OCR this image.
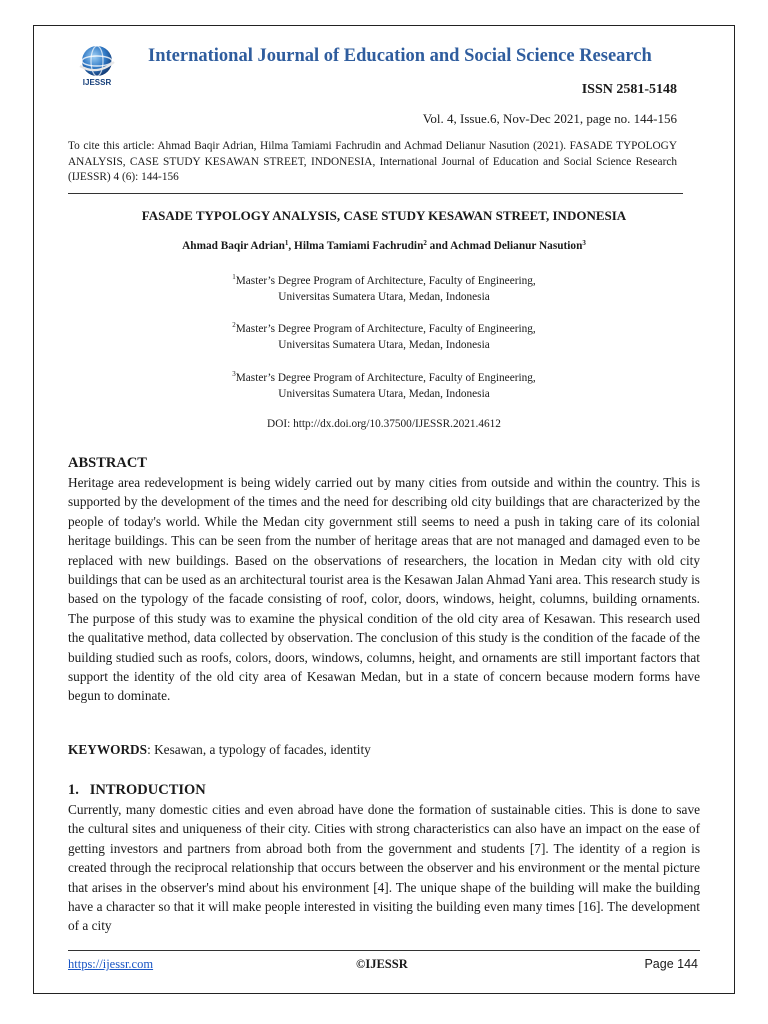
IJESSR
International Journal of Education and Social Science Research
ISSN 2581-5148
Vol. 4, Issue.6, Nov-Dec 2021, page no. 144-156
To cite this article: Ahmad Baqir Adrian, Hilma Tamiami Fachrudin and Achmad Delianur Nasution (2021). FASADE TYPOLOGY ANALYSIS, CASE STUDY KESAWAN STREET, INDONESIA, International Journal of Education and Social Science Research (IJESSR) 4 (6): 144-156
FASADE TYPOLOGY ANALYSIS, CASE STUDY KESAWAN STREET, INDONESIA
Ahmad Baqir Adrian$^1$, Hilma Tamiami Fachrudin$^2$ and Achmad Delianur Nasution$^3$
$^1$Master’s Degree Program of Architecture, Faculty of Engineering,
Universitas Sumatera Utara, Medan, Indonesia
$^2$Master’s Degree Program of Architecture, Faculty of Engineering,
Universitas Sumatera Utara, Medan, Indonesia
$^3$Master’s Degree Program of Architecture, Faculty of Engineering,
Universitas Sumatera Utara, Medan, Indonesia
DOI: http://dx.doi.org/10.37500/IJESSR.2021.4612
ABSTRACT
Heritage area redevelopment is being widely carried out by many cities from outside and within the country. This is supported by the development of the times and the need for describing old city buildings that are characterized by the people of today's world. While the Medan city government still seems to need a push in taking care of its colonial heritage buildings. This can be seen from the number of heritage areas that are not managed and damaged even to be replaced with new buildings. Based on the observations of researchers, the location in Medan city with old city buildings that can be used as an architectural tourist area is the Kesawan Jalan Ahmad Yani area. This research study is based on the typology of the facade consisting of roof, color, doors, windows, height, columns, building ornaments. The purpose of this study was to examine the physical condition of the old city area of Kesawan. This research used the qualitative method, data collected by observation. The conclusion of this study is the condition of the facade of the building studied such as roofs, colors, doors, windows, columns, height, and ornaments are still important factors that support the identity of the old city area of Kesawan Medan, but in a state of concern because modern forms have begun to dominate.
KEYWORDS: Kesawan, a typology of facades, identity
1.   INTRODUCTION
Currently, many domestic cities and even abroad have done the formation of sustainable cities. This is done to save the cultural sites and uniqueness of their city. Cities with strong characteristics can also have an impact on the ease of getting investors and partners from abroad both from the government and students [7]. The identity of a region is created through the reciprocal relationship that occurs between the observer and his environment or the mental picture that arises in the observer's mind about his environment [4]. The unique shape of the building will make the building have a character so that it will make people interested in visiting the building even many times [16]. The development of a city
https://ijessr.com	©IJESSR	Page 144
